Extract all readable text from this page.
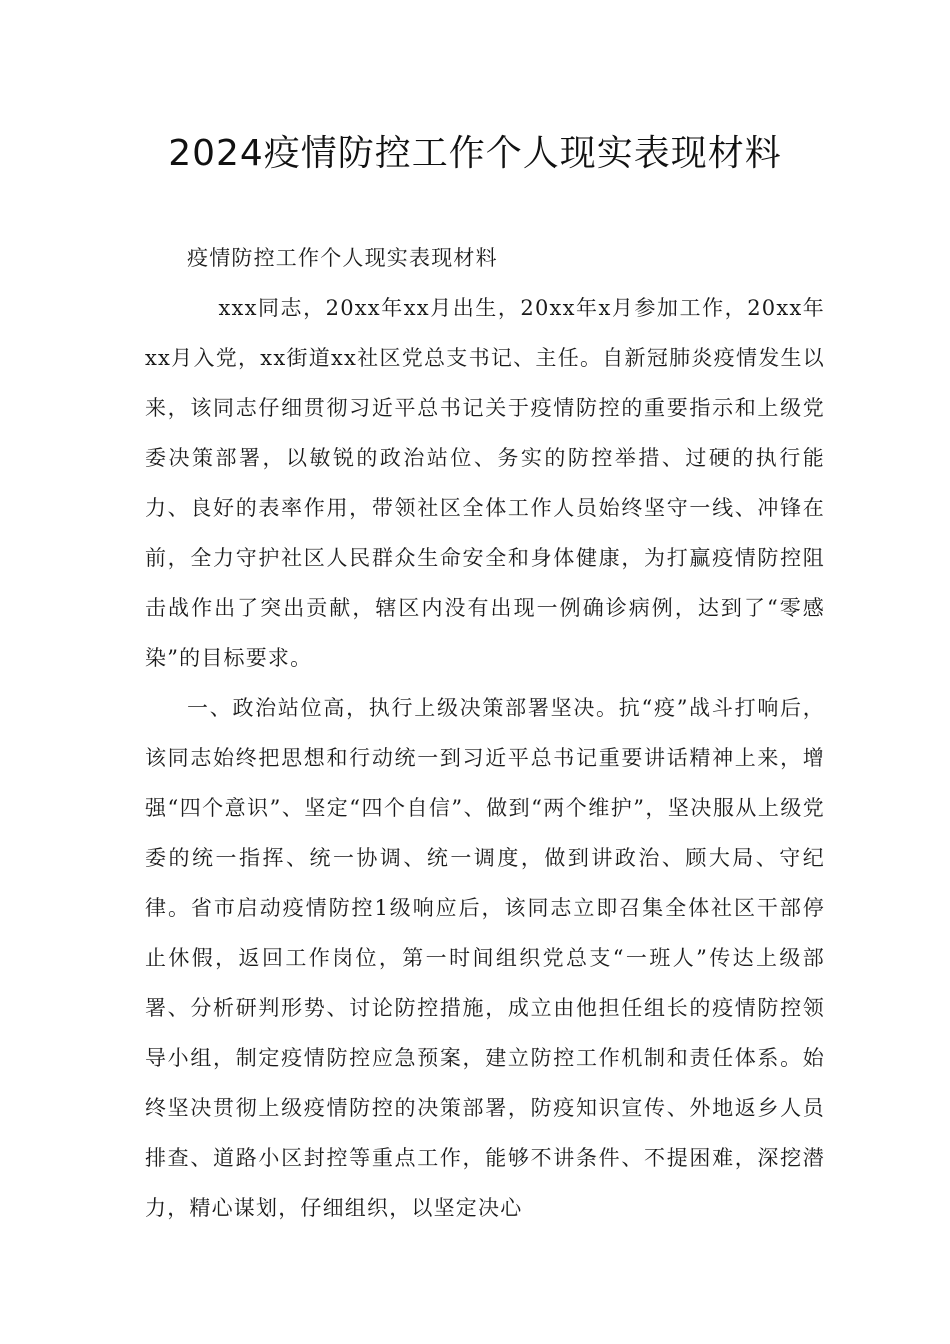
2024疫情防控工作个人现实表现材料

疫情防控工作个人现实表现材料

xxx同志，20xx年xx月出生，20xx年x月参加工作，20xx年xx月入党，xx街道xx社区党总支书记、主任。自新冠肺炎疫情发生以来，该同志仔细贯彻习近平总书记关于疫情防控的重要指示和上级党委决策部署，以敏锐的政治站位、务实的防控举措、过硬的执行能力、良好的表率作用，带领社区全体工作人员始终坚守一线、冲锋在前，全力守护社区人民群众生命安全和身体健康，为打赢疫情防控阻击战作出了突出贡献，辖区内没有出现一例确诊病例，达到了“零感染”的目标要求。

一、政治站位高，执行上级决策部署坚决。抗“疫”战斗打响后，该同志始终把思想和行动统一到习近平总书记重要讲话精神上来，增强“四个意识”、坚定“四个自信”、做到“两个维护”，坚决服从上级党委的统一指挥、统一协调、统一调度，做到讲政治、顾大局、守纪律。省市启动疫情防控1级响应后，该同志立即召集全体社区干部停止休假，返回工作岗位，第一时间组织党总支“一班人”传达上级部署、分析研判形势、讨论防控措施，成立由他担任组长的疫情防控领导小组，制定疫情防控应急预案，建立防控工作机制和责任体系。始终坚决贯彻上级疫情防控的决策部署，防疫知识宣传、外地返乡人员排查、道路小区封控等重点工作，能够不讲条件、不提困难，深挖潜力，精心谋划，仔细组织，以坚定决心
